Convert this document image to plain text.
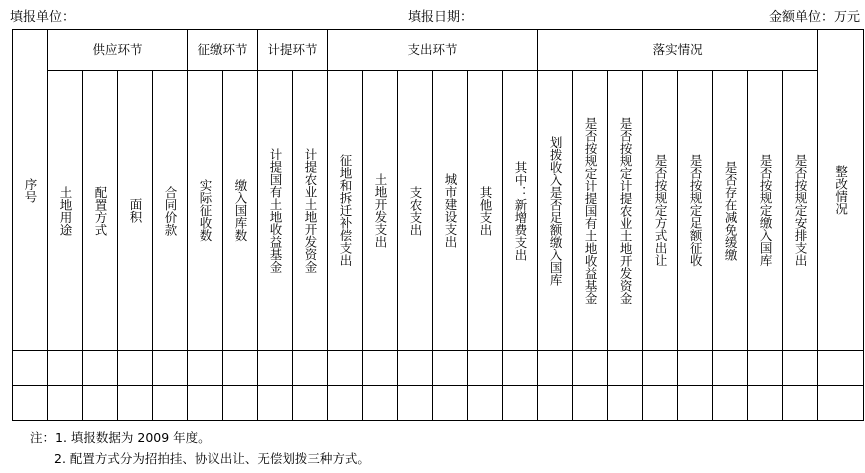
填报单位：	填报日期：	金额单位：万元
序号	供应环节				征缴环节		计提环节		支出环节						落实情况								整改情况
	土地用途	配置方式	面积	合同价款	实际征收数	缴入国库数	计提国有土地收益基金	计提农业土地开发资金	征地和拆迁补偿支出	土地开发支出	支农支出	城市建设支出	其他支出	其中：新增费支出	划拨收入是否足额缴入国库	是否按规定计提国有土地收益基金	是否按规定计提农业土地开发资金	是否按规定方式出让	是否按规定足额征收	是否存在减免缓缴	是否按规定缴入国库	是否按规定安排支出	

注：1. 填报数据为 2009 年度。
2. 配置方式分为招拍挂、协议出让、无偿划拨三种方式。
